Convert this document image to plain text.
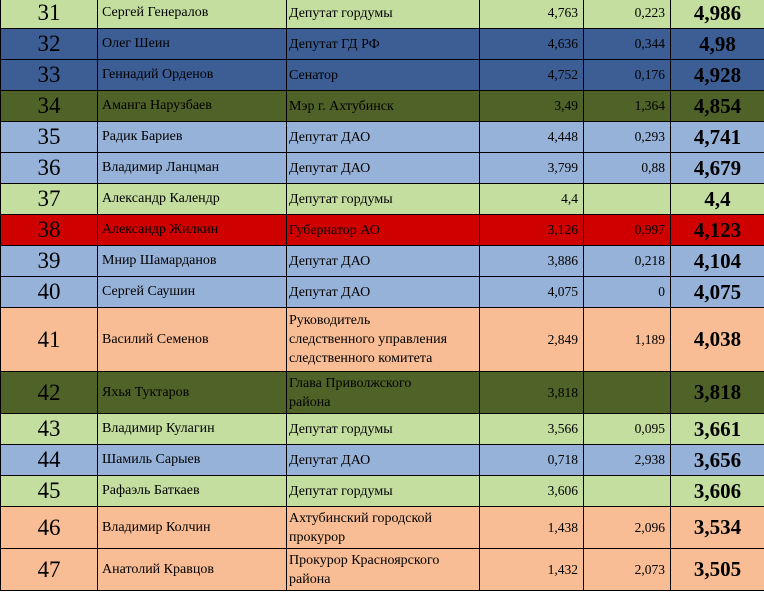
31	Сергей Генералов	Депутат гордумы	4,763	0,223	4,986
32	Олег Шеин	Депутат ГД РФ	4,636	0,344	4,98
33	Геннадий Орденов	Сенатор	4,752	0,176	4,928
34	Аманга Нарузбаев	Мэр г. Ахтубинск	3,49	1,364	4,854
35	Радик Бариев	Депутат ДАО	4,448	0,293	4,741
36	Владимир Ланцман	Депутат ДАО	3,799	0,88	4,679
37	Александр Календр	Депутат гордумы	4,4		4,4
38	Александр Жилкин	Губернатор АО	3,126	0,997	4,123
39	Мнир Шамарданов	Депутат ДАО	3,886	0,218	4,104
40	Сергей Саушин	Депутат ДАО	4,075	0	4,075
41	Василий Семенов	Руководитель
следственного управления
следственного комитета	2,849	1,189	4,038
42	Яхья Туктаров	Глава Приволжского
района	3,818		3,818
43	Владимир Кулагин	Депутат гордумы	3,566	0,095	3,661
44	Шамиль Сарыев	Депутат ДАО	0,718	2,938	3,656
45	Рафаэль Баткаев	Депутат гордумы	3,606		3,606
46	Владимир Колчин	Ахтубинский городской
прокурор	1,438	2,096	3,534
47	Анатолий Кравцов	Прокурор Красноярского
района	1,432	2,073	3,505
